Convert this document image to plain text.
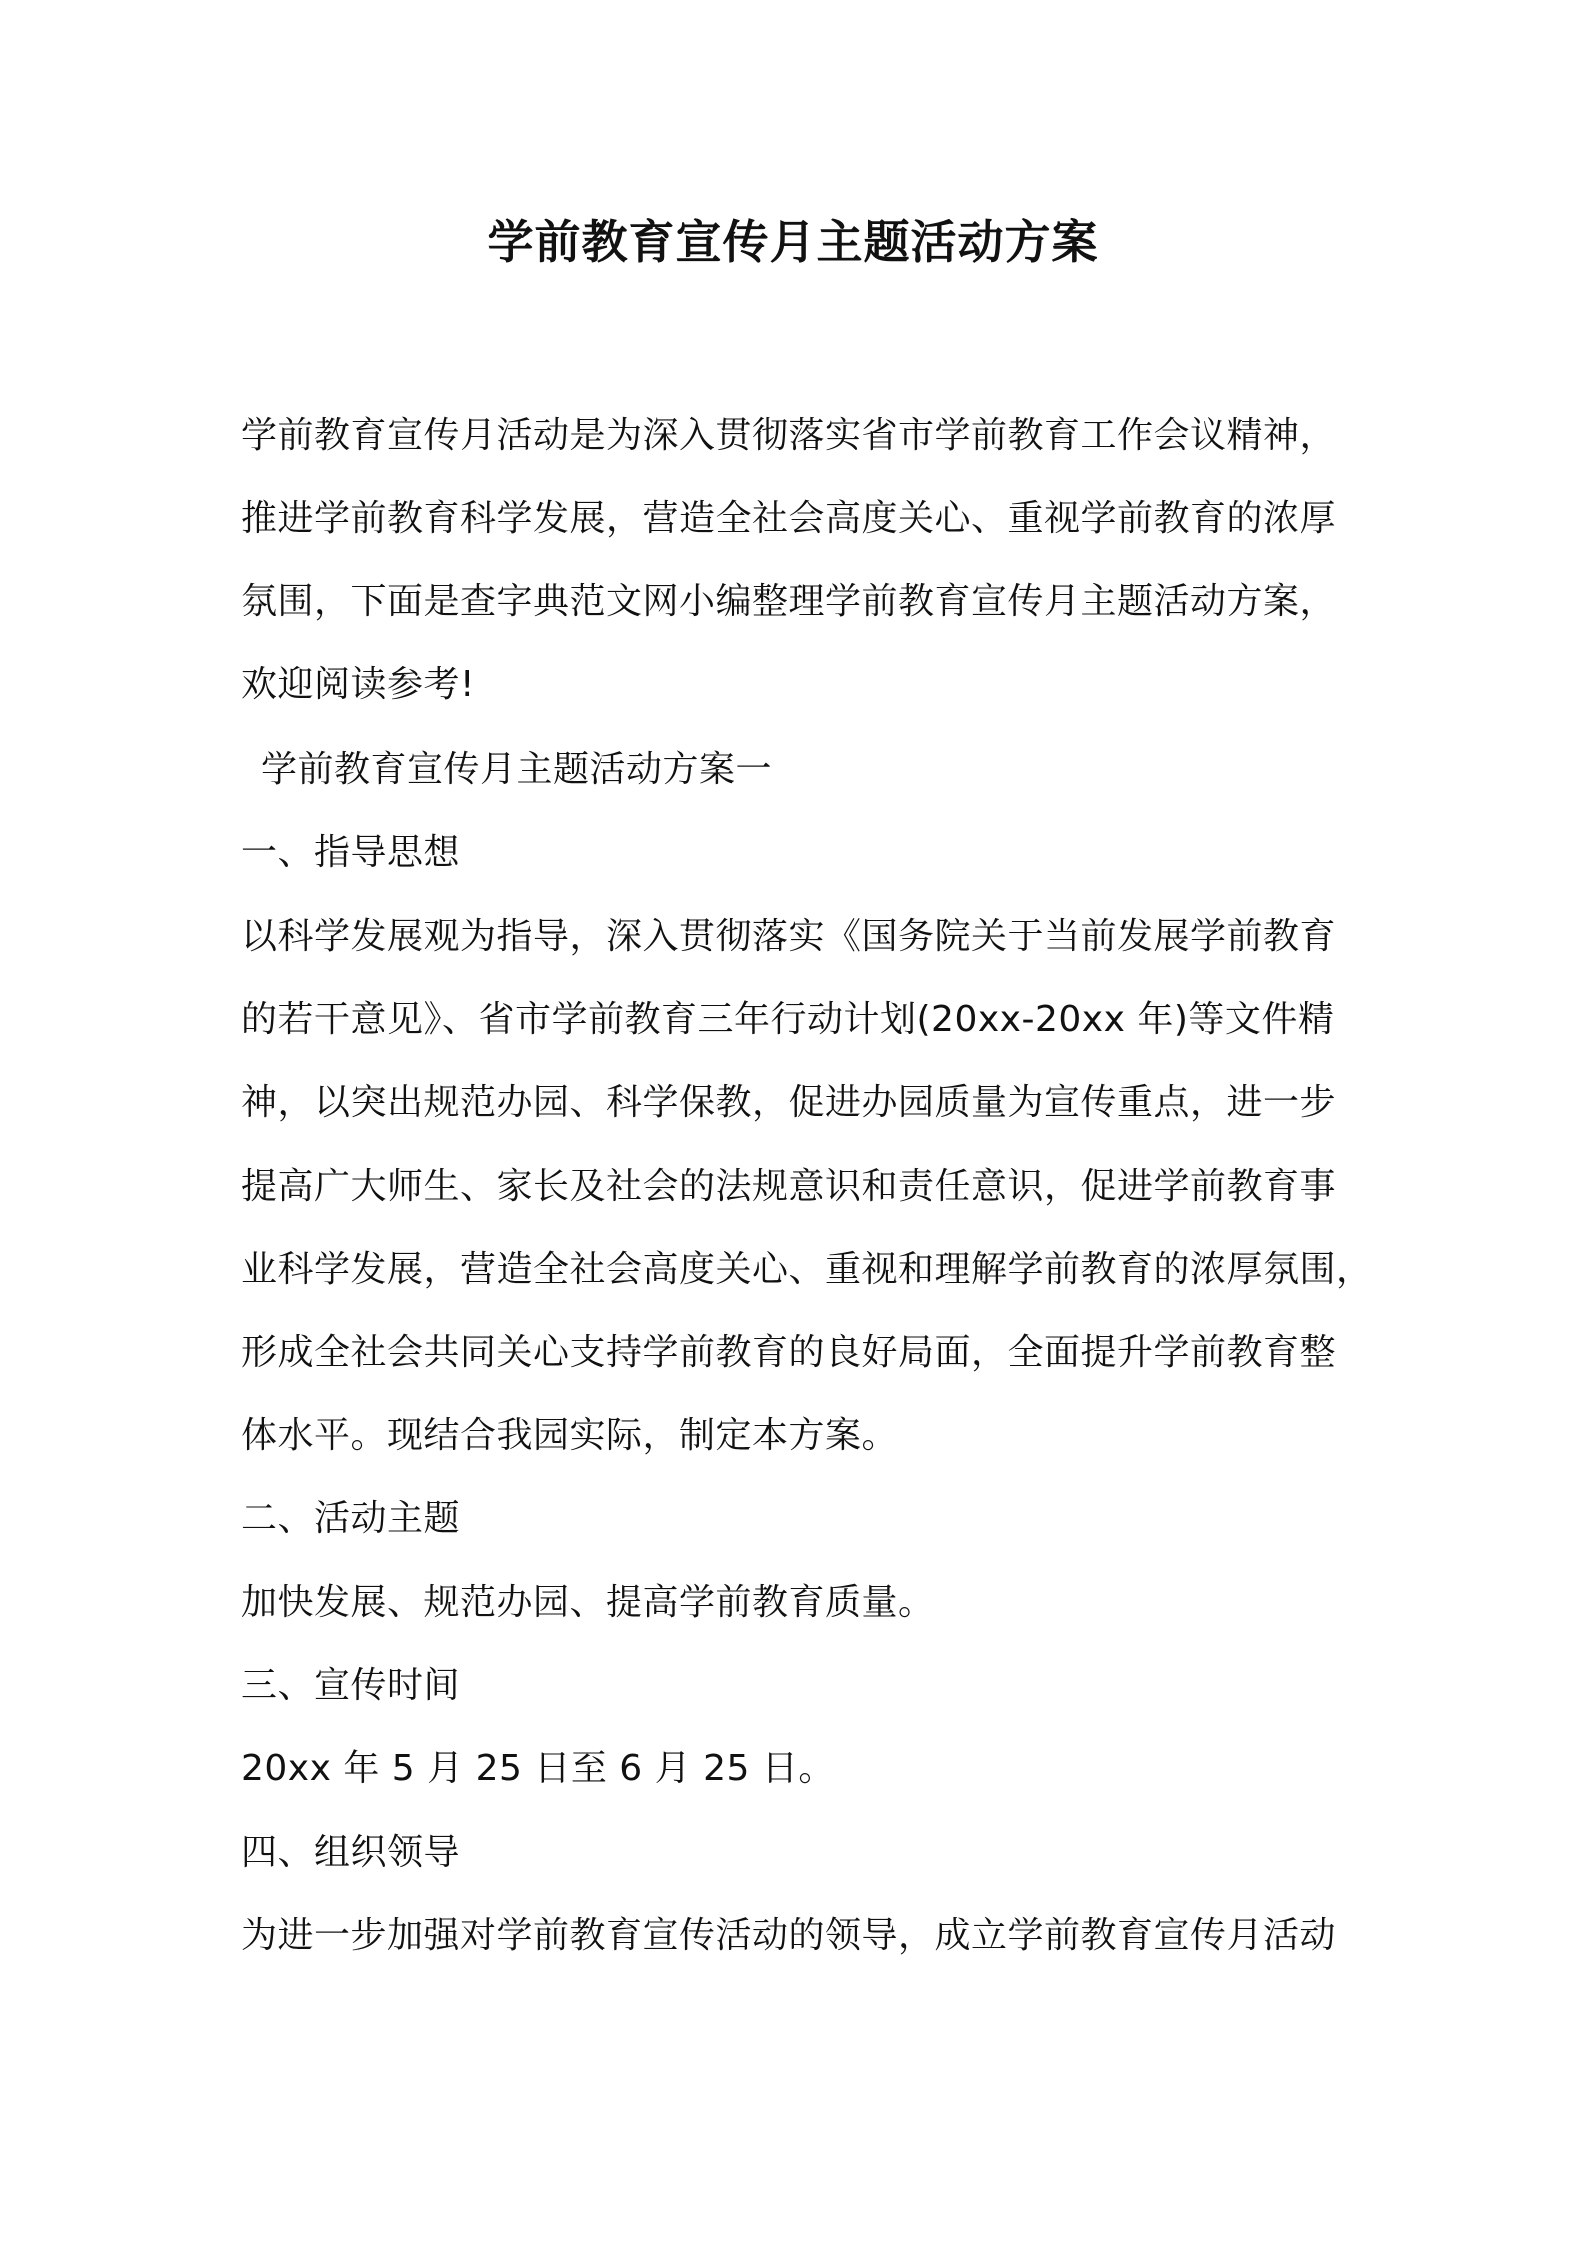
学前教育宣传月主题活动方案
学前教育宣传月活动是为深入贯彻落实省市学前教育工作会议精神，
推进学前教育科学发展，营造全社会高度关心、重视学前教育的浓厚
氛围，下面是查字典范文网小编整理学前教育宣传月主题活动方案，
欢迎阅读参考!
学前教育宣传月主题活动方案一
一、指导思想
以科学发展观为指导，深入贯彻落实《国务院关于当前发展学前教育
的若干意见》、省市学前教育三年行动计划(20xx-20xx 年)等文件精
神，以突出规范办园、科学保教，促进办园质量为宣传重点，进一步
提高广大师生、家长及社会的法规意识和责任意识，促进学前教育事
业科学发展，营造全社会高度关心、重视和理解学前教育的浓厚氛围，
形成全社会共同关心支持学前教育的良好局面，全面提升学前教育整
体水平。现结合我园实际，制定本方案。
二、活动主题
加快发展、规范办园、提高学前教育质量。
三、宣传时间
20xx 年 5 月 25 日至 6 月 25 日。
四、组织领导
为进一步加强对学前教育宣传活动的领导，成立学前教育宣传月活动
